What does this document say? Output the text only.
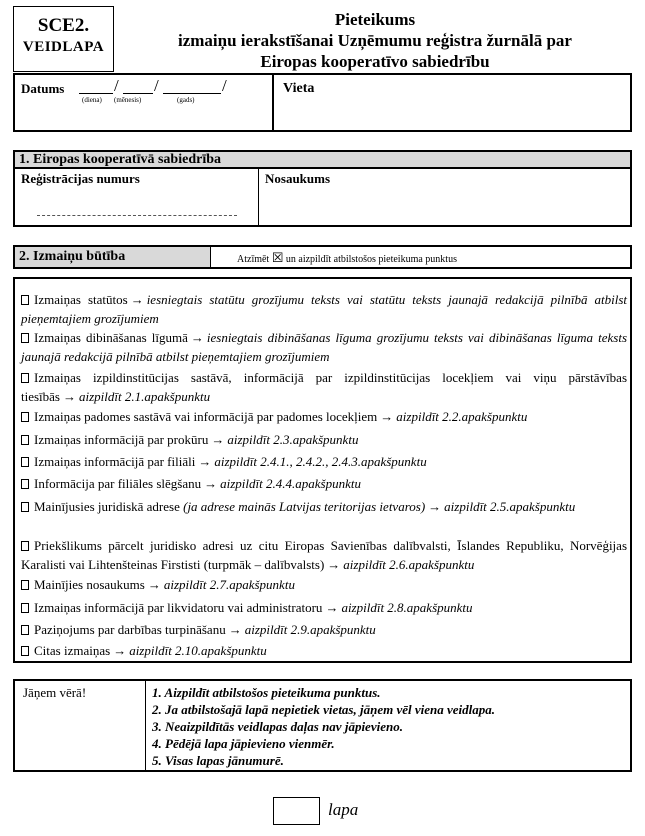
SCE2.
VEIDLAPA
Pieteikums
izmaiņu ierakstīšanai Uzņēmumu reģistra žurnālā par
Eiropas kooperatīvo sabiedrību
Datums	/ /	/
(diena) (mēnesis)	(gads)
Vieta
1. Eiropas kooperatīvā sabiedrība
Reģistrācijas numurs	Nosaukums
2. Izmaiņu būtība	Atzīmēt ☒ un aizpildīt atbilstošos pieteikuma punktus
Izmaiņas statūtos → iesniegtais statūtu grozījumu teksts vai statūtu teksts jaunajā redakcijā pilnībā atbilst pieņemtajiem grozījumiem
Izmaiņas dibināšanas līgumā → iesniegtais dibināšanas līguma grozījumu teksts vai dibināšanas līguma teksts jaunajā redakcijā pilnībā atbilst pieņemtajiem grozījumiem
Izmaiņas izpildinstitūcijas sastāvā, informācijā par izpildinstitūcijas locekļiem vai viņu pārstāvības tiesībās → aizpildīt 2.1.apakšpunktu
Izmaiņas padomes sastāvā vai informācijā par padomes locekļiem → aizpildīt 2.2.apakšpunktu
Izmaiņas informācijā par prokūru → aizpildīt 2.3.apakšpunktu
Izmaiņas informācijā par filiāli → aizpildīt 2.4.1., 2.4.2., 2.4.3.apakšpunktu
Informācija par filiāles slēgšanu → aizpildīt 2.4.4.apakšpunktu
Mainījusies juridiskā adrese (ja adrese mainās Latvijas teritorijas ietvaros) → aizpildīt 2.5.apakšpunktu
Priekšlikums pārcelt juridisko adresi uz citu Eiropas Savienības dalībvalsti, Īslandes Republiku, Norvēģijas Karalisti vai Lihtenšteinas Firstisti (turpmāk – dalībvalsts) → aizpildīt 2.6.apakšpunktu
Mainījies nosaukums → aizpildīt 2.7.apakšpunktu
Izmaiņas informācijā par likvidatoru vai administratoru → aizpildīt 2.8.apakšpunktu
Paziņojums par darbības turpināšanu → aizpildīt 2.9.apakšpunktu
Citas izmaiņas → aizpildīt 2.10.apakšpunktu
Jāņem vērā!	1. Aizpildīt atbilstošos pieteikuma punktus.
2. Ja atbilstošajā lapā nepietiek vietas, jāņem vēl viena veidlapa.
3. Neaizpildītās veidlapas daļas nav jāpievieno.
4. Pēdējā lapa jāpievieno vienmēr.
5. Visas lapas jānumurē.
lapa
